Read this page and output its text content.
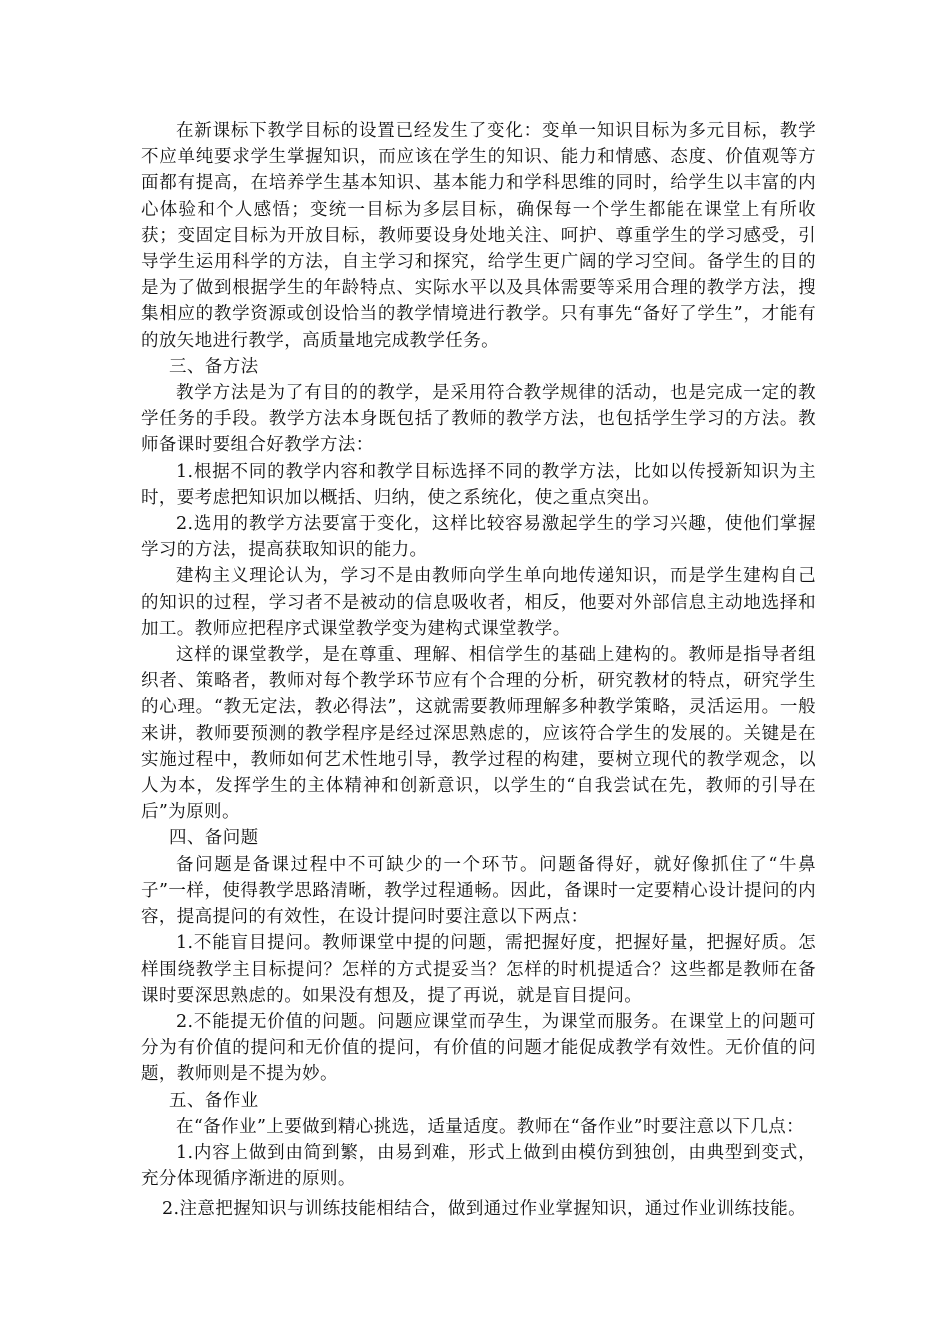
在新课标下教学目标的设置已经发生了变化：变单一知识目标为多元目标，教学不应单纯要求学生掌握知识，而应该在学生的知识、能力和情感、态度、价值观等方面都有提高，在培养学生基本知识、基本能力和学科思维的同时，给学生以丰富的内心体验和个人感悟；变统一目标为多层目标，确保每一个学生都能在课堂上有所收获；变固定目标为开放目标，教师要设身处地关注、呵护、尊重学生的学习感受，引导学生运用科学的方法，自主学习和探究，给学生更广阔的学习空间。备学生的目的是为了做到根据学生的年龄特点、实际水平以及具体需要等采用合理的教学方法，搜集相应的教学资源或创设恰当的教学情境进行教学。只有事先“备好了学生”，才能有的放矢地进行教学，高质量地完成教学任务。

三、备方法

教学方法是为了有目的的教学，是采用符合教学规律的活动，也是完成一定的教学任务的手段。教学方法本身既包括了教师的教学方法，也包括学生学习的方法。教师备课时要组合好教学方法：

1.根据不同的教学内容和教学目标选择不同的教学方法，比如以传授新知识为主时，要考虑把知识加以概括、归纳，使之系统化，使之重点突出。

2.选用的教学方法要富于变化，这样比较容易激起学生的学习兴趣，使他们掌握学习的方法，提高获取知识的能力。

建构主义理论认为，学习不是由教师向学生单向地传递知识，而是学生建构自己的知识的过程，学习者不是被动的信息吸收者，相反，他要对外部信息主动地选择和加工。教师应把程序式课堂教学变为建构式课堂教学。

这样的课堂教学，是在尊重、理解、相信学生的基础上建构的。教师是指导者组织者、策略者，教师对每个教学环节应有个合理的分析，研究教材的特点，研究学生的心理。“教无定法，教必得法”，这就需要教师理解多种教学策略，灵活运用。一般来讲，教师要预测的教学程序是经过深思熟虑的，应该符合学生的发展的。关键是在实施过程中，教师如何艺术性地引导，教学过程的构建，要树立现代的教学观念，以人为本，发挥学生的主体精神和创新意识，以学生的“自我尝试在先，教师的引导在后”为原则。

四、备问题

备问题是备课过程中不可缺少的一个环节。问题备得好，就好像抓住了“牛鼻子”一样，使得教学思路清晰，教学过程通畅。因此，备课时一定要精心设计提问的内容，提高提问的有效性，在设计提问时要注意以下两点：

1.不能盲目提问。教师课堂中提的问题，需把握好度，把握好量，把握好质。怎样围绕教学主目标提问？怎样的方式提妥当？怎样的时机提适合？这些都是教师在备课时要深思熟虑的。如果没有想及，提了再说，就是盲目提问。

2.不能提无价值的问题。问题应课堂而孕生，为课堂而服务。在课堂上的问题可分为有价值的提问和无价值的提问，有价值的问题才能促成教学有效性。无价值的问题，教师则是不提为妙。

五、备作业

在“备作业”上要做到精心挑选，适量适度。教师在“备作业”时要注意以下几点：

1.内容上做到由简到繁，由易到难，形式上做到由模仿到独创，由典型到变式，充分体现循序渐进的原则。

2.注意把握知识与训练技能相结合，做到通过作业掌握知识，通过作业训练技能。
